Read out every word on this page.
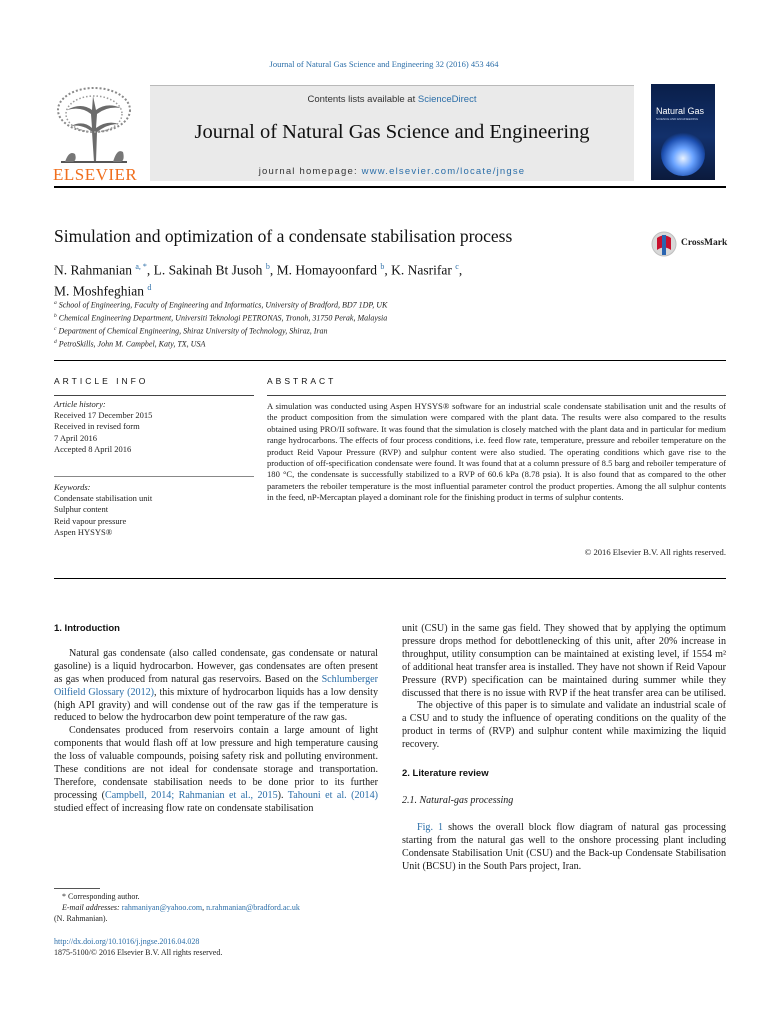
Journal of Natural Gas Science and Engineering 32 (2016) 453 464
ELSEVIER
Contents lists available at ScienceDirect
Journal of Natural Gas Science and Engineering
journal homepage: www.elsevier.com/locate/jngse
Natural Gas
SCIENCE AND ENGINEERING
Simulation and optimization of a condensate stabilisation process	CrossMark
N. Rahmanian $^{a, *}$, L. Sakinah Bt Jusoh $^b$, M. Homayoonfard $^b$, K. Nasrifar $^c$,
M. Moshfeghian $^d$
$^a$ School of Engineering, Faculty of Engineering and Informatics, University of Bradford, BD7 1DP, UK
$^b$ Chemical Engineering Department, Universiti Teknologi PETRONAS, Tronoh, 31750 Perak, Malaysia
$^c$ Department of Chemical Engineering, Shiraz University of Technology, Shiraz, Iran
$^d$ PetroSkills, John M. Campbel, Katy, TX, USA
ARTICLE INFO	ABSTRACT
Article history:
Received 17 December 2015
Received in revised form
7 April 2016
Accepted 8 April 2016
Keywords:
Condensate stabilisation unit
Sulphur content
Reid vapour pressure
Aspen HYSYS®
A simulation was conducted using Aspen HYSYS® software for an industrial scale condensate stabilisation unit and the results of the product composition from the simulation were compared with the plant data. The results were also compared to the results obtained using PRO/II software. It was found that the simulation is closely matched with the plant data and in particular for medium range hydrocarbons. The effects of four process conditions, i.e. feed flow rate, temperature, pressure and reboiler temperature on the product Reid Vapour Pressure (RVP) and sulphur content were also studied. The operating conditions which gave rise to the production of off-specification condensate were found. It was found that at a column pressure of 8.5 barg and reboiler temperature of 180 °C, the condensate is successfully stabilized to a RVP of 60.6 kPa (8.78 psia). It is also found that as compared to the other parameters the reboiler temperature is the most influential parameter control the product properties. Among the all sulphur contents in the feed, nP-Mercaptan played a dominant role for the finishing product in terms of sulphur contents.
© 2016 Elsevier B.V. All rights reserved.
1. Introduction

Natural gas condensate (also called condensate, gas condensate or natural gasoline) is a liquid hydrocarbon. However, gas condensates are often present as gas when produced from natural gas reservoirs. Based on the Schlumberger Oilfield Glossary (2012), this mixture of hydrocarbon liquids has a low density (high API gravity) and will condense out of the raw gas if the temperature is reduced to below the hydrocarbon dew point temperature of the raw gas.

Condensates produced from reservoirs contain a large amount of light components that would flash off at low pressure and high temperature causing the loss of valuable compounds, poising safety risk and polluting environment. These conditions are not ideal for condensate storage and transportation. Therefore, condensate stabilisation needs to be done prior to its further processing (Campbell, 2014; Rahmanian et al., 2015). Tahouni et al. (2014) studied effect of increasing flow rate on condensate stabilisation

unit (CSU) in the same gas field. They showed that by applying the optimum pressure drops method for debottlenecking of this unit, after 20% increase in throughput, utility consumption can be maintained at existing level, if 1554 m² of additional heat transfer area is installed. They have not shown if Reid Vapour Pressure (RVP) specification can be maintained during summer while they discussed that there is no issue with RVP if the heat transfer area can be utilised.

The objective of this paper is to simulate and validate an industrial scale of a CSU and to study the influence of operating conditions on the quality of the product in terms of (RVP) and sulphur content while maximizing the liquid recovery.

2. Literature review
2.1. Natural-gas processing

Fig. 1 shows the overall block flow diagram of natural gas processing starting from the natural gas well to the onshore processing plant including Condensate Stabilisation Unit (CSU) and the Back-up Condensate Stabilisation Unit (BCSU) in the South Pars project, Iran.

* Corresponding author.
E-mail addresses: rahmaniyan@yahoo.com, n.rahmanian@bradford.ac.uk
(N. Rahmanian).
http://dx.doi.org/10.1016/j.jngse.2016.04.028
1875-5100/© 2016 Elsevier B.V. All rights reserved.
